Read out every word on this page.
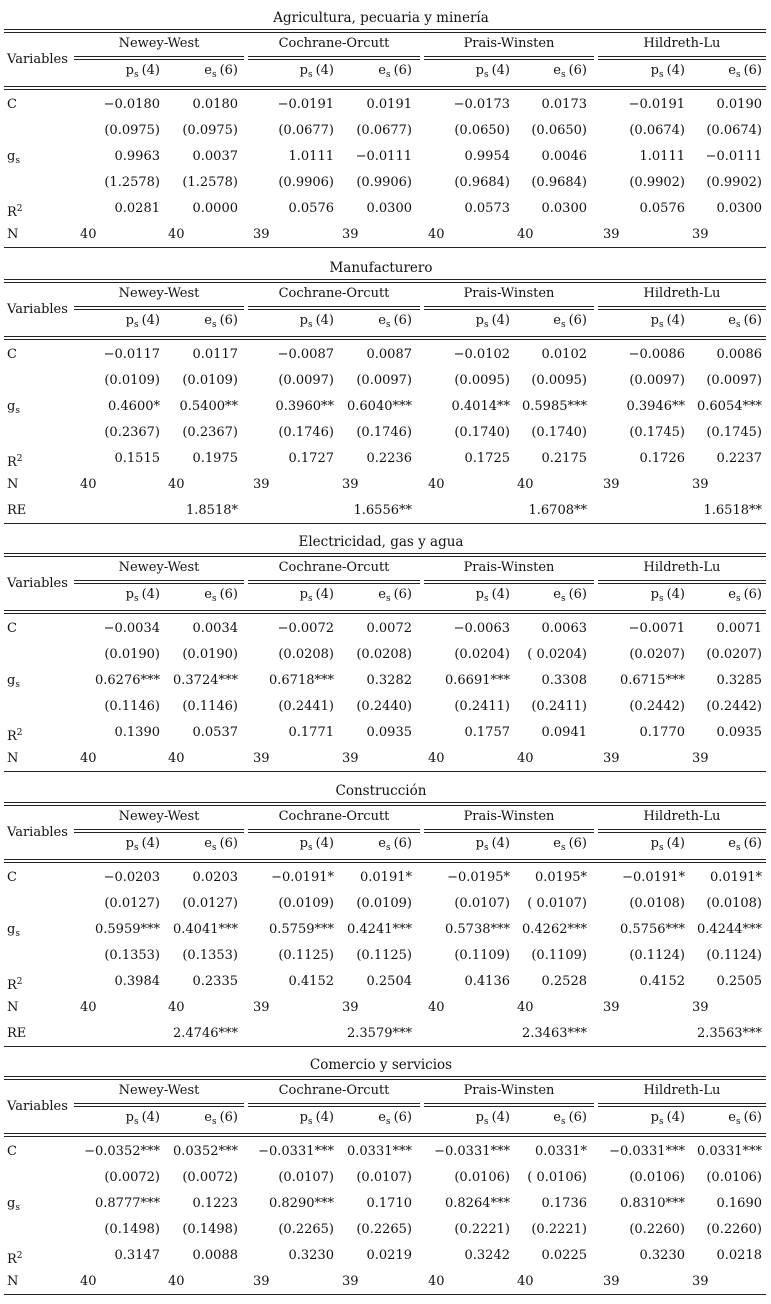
Agricultura, pecuaria y minería
Newey-West	Cochrane-Orcutt	Prais-Winsten	Hildreth-Lu
Variables
$p_s$ (4)	$e_s$ (6)	$p_s$ (4)	$e_s$ (6)	$p_s$ (4)	$e_s$ (6)	$p_s$ (4)	$e_s$ (6)
C	−0.0180	0.0180	−0.0191	0.0191	−0.0173	0.0173	−0.0191	0.0190
(0.0975)	(0.0975)	(0.0677)	(0.0677)	(0.0650)	(0.0650)	(0.0674)	(0.0674)
$g_s$	0.9963	0.0037	1.0111	−0.0111	0.9954	0.0046	1.0111	−0.0111
(1.2578)	(1.2578)	(0.9906)	(0.9906)	(0.9684)	(0.9684)	(0.9902)	(0.9902)
$R^2$	0.0281	0.0000	0.0576	0.0300	0.0573	0.0300	0.0576	0.0300
N	40	40	39	39	40	40	39	39
Manufacturero
Newey-West	Cochrane-Orcutt	Prais-Winsten	Hildreth-Lu
Variables
$p_s$ (4)	$e_s$ (6)	$p_s$ (4)	$e_s$ (6)	$p_s$ (4)	$e_s$ (6)	$p_s$ (4)	$e_s$ (6)
C	−0.0117	0.0117	−0.0087	0.0087	−0.0102	0.0102	−0.0086	0.0086
(0.0109)	(0.0109)	(0.0097)	(0.0097)	(0.0095)	(0.0095)	(0.0097)	(0.0097)
$g_s$	0.4600*	0.5400**	0.3960**	0.6040***	0.4014** 0.5985***	0.3946** 0.6054***
(0.2367)	(0.2367)	(0.1746)	(0.1746)	(0.1740)	(0.1740)	(0.1745)	(0.1745)
$R^2$	0.1515	0.1975	0.1727	0.2236	0.1725	0.2175	0.1726	0.2237
N	40	40	39	39	40	40	39	39
RE	1.8518*	1.6556**	1.6708**	1.6518**
Electricidad, gas y agua
Newey-West	Cochrane-Orcutt	Prais-Winsten	Hildreth-Lu
Variables
$p_s$ (4)	$e_s$ (6)	$p_s$ (4)	$e_s$ (6)	$p_s$ (4)	$e_s$ (6)	$p_s$ (4)	$e_s$ (6)
C	−0.0034	0.0034	−0.0072	0.0072	−0.0063	0.0063	−0.0071	0.0071
(0.0190)	(0.0190)	(0.0208)	(0.0208)	(0.0204)	( 0.0204)	(0.0207)	(0.0207)
$g_s$	0.6276***	0.3724***	0.6718***	0.3282	0.6691***	0.3308	0.6715***	0.3285
(0.1146)	(0.1146)	(0.2441)	(0.2440)	(0.2411)	(0.2411)	(0.2442)	(0.2442)
$R^2$	0.1390	0.0537	0.1771	0.0935	0.1757	0.0941	0.1770	0.0935
N	40	40	39	39	40	40	39	39
Construcción
Newey-West	Cochrane-Orcutt	Prais-Winsten	Hildreth-Lu
Variables
$p_s$ (4)	$e_s$ (6)	$p_s$ (4)	$e_s$ (6)	$p_s$ (4)	$e_s$ (6)	$p_s$ (4)	$e_s$ (6)
C	−0.0203	0.0203	−0.0191*	0.0191*	−0.0195*	0.0195*	−0.0191*	0.0191*
(0.0127)	(0.0127)	(0.0109)	(0.0109)	(0.0107)	( 0.0107)	(0.0108)	(0.0108)
$g_s$	0.5959***	0.4041***	0.5759***	0.4241***	0.5738*** 0.4262***	0.5756*** 0.4244***
(0.1353)	(0.1353)	(0.1125)	(0.1125)	(0.1109)	(0.1109)	(0.1124)	(0.1124)
$R^2$	0.3984	0.2335	0.4152	0.2504	0.4136	0.2528	0.4152	0.2505
N	40	40	39	39	40	40	39	39
RE	2.4746***	2.3579***	2.3463***	2.3563***
Comercio y servicios
Newey-West	Cochrane-Orcutt	Prais-Winsten	Hildreth-Lu
Variables
$p_s$ (4)	$e_s$ (6)	$p_s$ (4)	$e_s$ (6)	$p_s$ (4)	$e_s$ (6)	$p_s$ (4)	$e_s$ (6)
C	−0.0352***	0.0352***	−0.0331***	0.0331***	−0.0331***	0.0331*	−0.0331*** 0.0331***
(0.0072)	(0.0072)	(0.0107)	(0.0107)	(0.0106)	( 0.0106)	(0.0106)	(0.0106)
$g_s$	0.8777***	0.1223	0.8290***	0.1710	0.8264***	0.1736	0.8310***	0.1690
(0.1498)	(0.1498)	(0.2265)	(0.2265)	(0.2221)	(0.2221)	(0.2260)	(0.2260)
$R^2$	0.3147	0.0088	0.3230	0.0219	0.3242	0.0225	0.3230	0.0218
N	40	40	39	39	40	40	39	39
